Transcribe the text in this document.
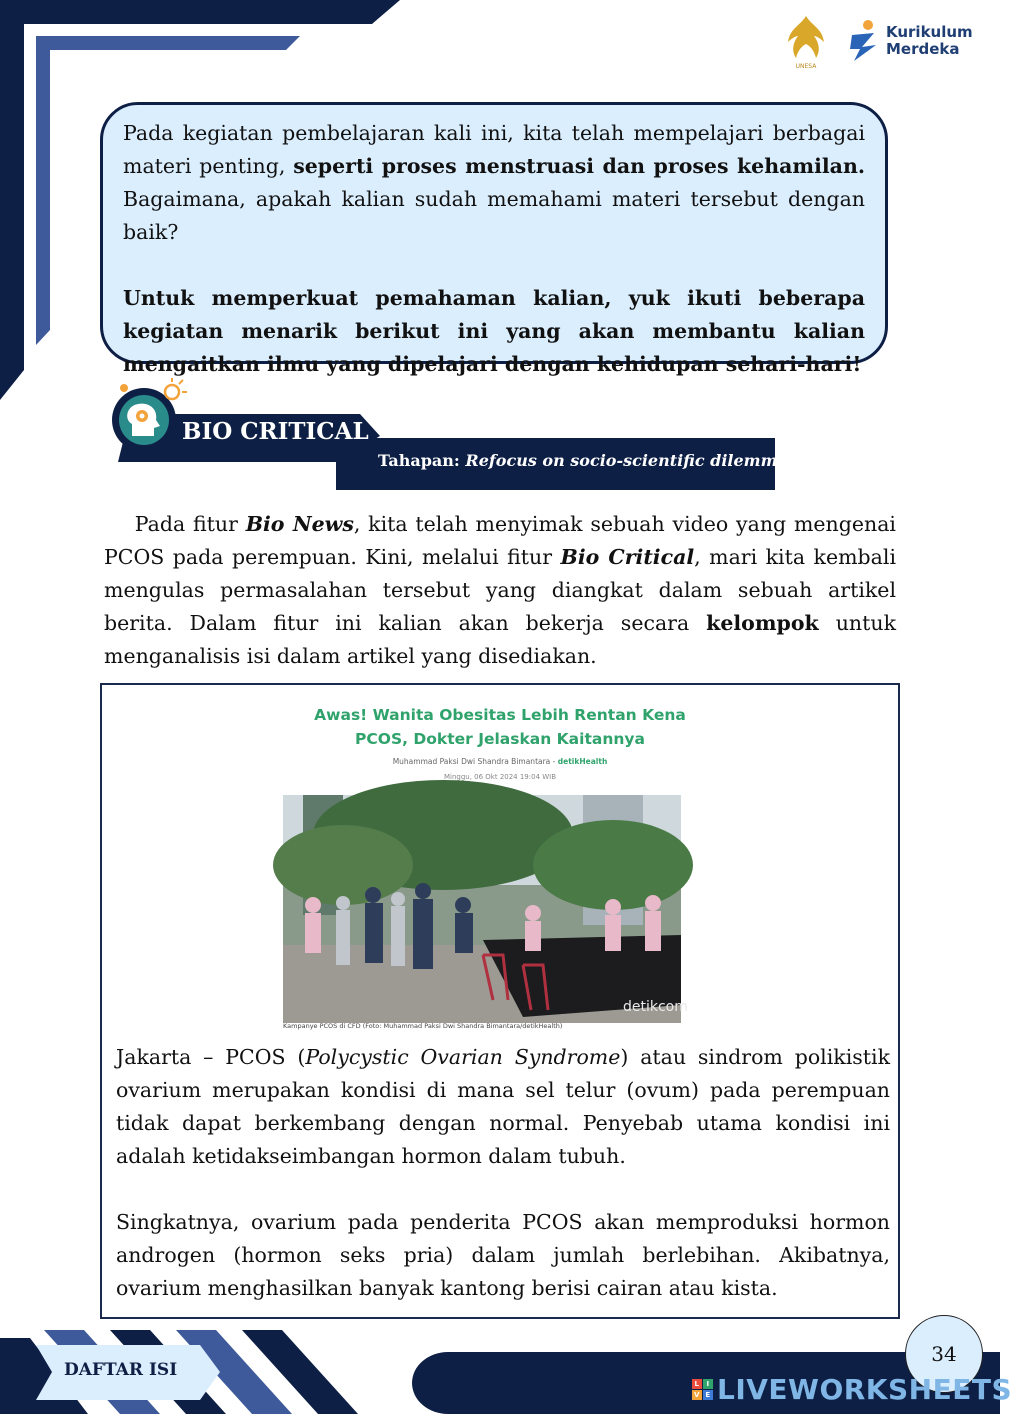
UNESA
Kurikulum
Merdeka

Pada kegiatan pembelajaran kali ini, kita telah mempelajari berbagai materi penting, seperti proses menstruasi dan proses kehamilan. Bagaimana, apakah kalian sudah memahami materi tersebut dengan baik?

Untuk memperkuat pemahaman kalian, yuk ikuti beberapa kegiatan menarik berikut ini yang akan membantu kalian mengaitkan ilmu yang dipelajari dengan kehidupan sehari-hari!

BIO CRITICAL
Tahapan: Refocus on socio-scientific dilemma

  Pada fitur Bio News, kita telah menyimak sebuah video yang mengenai PCOS pada perempuan. Kini, melalui fitur Bio Critical, mari kita kembali mengulas permasalahan tersebut yang diangkat dalam sebuah artikel berita. Dalam fitur ini kalian akan bekerja secara kelompok untuk menganalisis isi dalam artikel yang disediakan.

Awas! Wanita Obesitas Lebih Rentan Kena
PCOS, Dokter Jelaskan Kaitannya
Muhammad Paksi Dwi Shandra Bimantara - detikHealth
Minggu, 06 Okt 2024 19:04 WIB
detikcom
Kampanye PCOS di CFD (Foto: Muhammad Paksi Dwi Shandra Bimantara/detikHealth)

Jakarta – PCOS (Polycystic Ovarian Syndrome) atau sindrom polikistik ovarium merupakan kondisi di mana sel telur (ovum) pada perempuan tidak dapat berkembang dengan normal. Penyebab utama kondisi ini adalah ketidakseimbangan hormon dalam tubuh.

Singkatnya, ovarium pada penderita PCOS akan memproduksi hormon androgen (hormon seks pria) dalam jumlah berlebihan. Akibatnya, ovarium menghasilkan banyak kantong berisi cairan atau kista.

DAFTAR ISI
34
L I
V E LIVEWORKSHEETS
